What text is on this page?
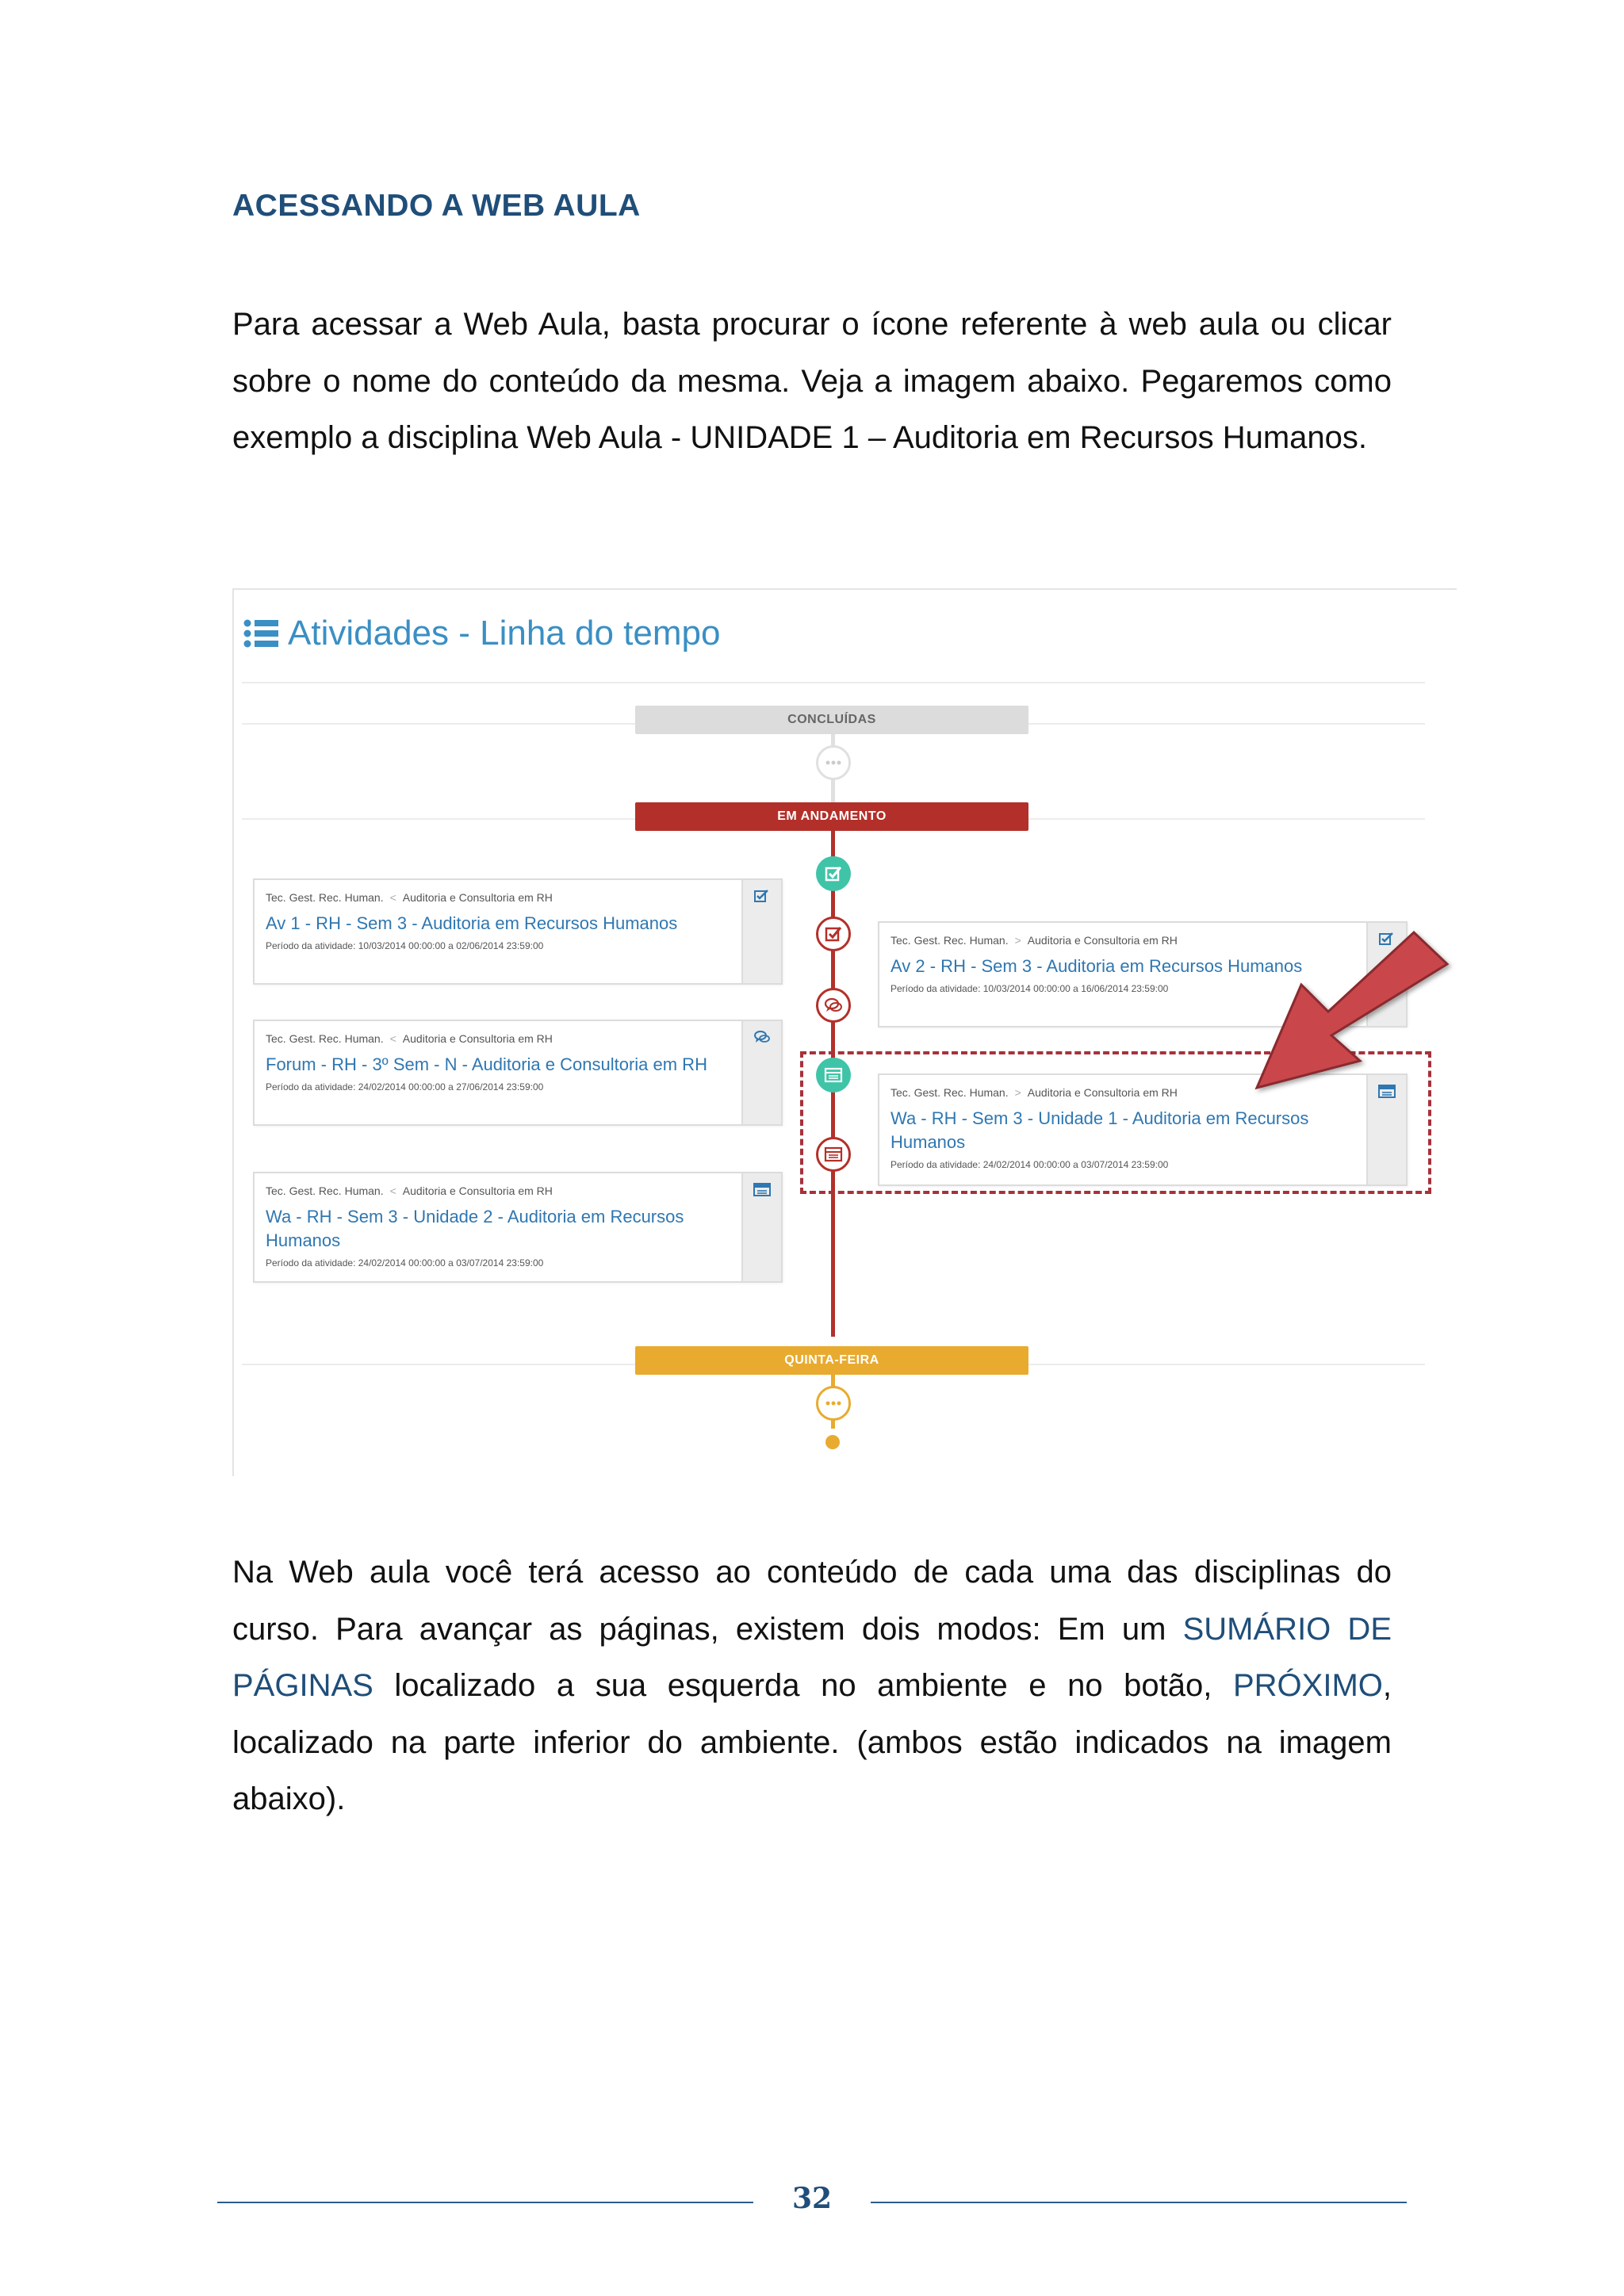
ACESSANDO A WEB AULA

Para acessar a Web Aula, basta procurar o ícone referente à web aula ou clicar sobre o nome do conteúdo da mesma. Veja a imagem abaixo. Pegaremos como exemplo a disciplina Web Aula - UNIDADE 1 – Auditoria em Recursos Humanos.

Atividades - Linha do tempo
CONCLUÍDAS
EM ANDAMENTO
QUINTA-FEIRA
Tec. Gest. Rec. Human. < Auditoria e Consultoria em RH
Av 1 - RH - Sem 3 - Auditoria em Recursos Humanos
Período da atividade: 10/03/2014 00:00:00 a 02/06/2014 23:59:00	Tec. Gest. Rec. Human. > Auditoria e Consultoria em RH
Av 2 - RH - Sem 3 - Auditoria em Recursos Humanos
Período da atividade: 10/03/2014 00:00:00 a 16/06/2014 23:59:00
Tec. Gest. Rec. Human. < Auditoria e Consultoria em RH
Forum - RH - 3º Sem - N - Auditoria e Consultoria em RH
Período da atividade: 24/02/2014 00:00:00 a 27/06/2014 23:59:00	Tec. Gest. Rec. Human. > Auditoria e Consultoria em RH
Wa - RH - Sem 3 - Unidade 1 - Auditoria em Recursos Humanos
Período da atividade: 24/02/2014 00:00:00 a 03/07/2014 23:59:00
Tec. Gest. Rec. Human. < Auditoria e Consultoria em RH
Wa - RH - Sem 3 - Unidade 2 - Auditoria em Recursos Humanos
Período da atividade: 24/02/2014 00:00:00 a 03/07/2014 23:59:00

Na Web aula você terá acesso ao conteúdo de cada uma das disciplinas do curso. Para avançar as páginas, existem dois modos: Em um SUMÁRIO DE PÁGINAS localizado a sua esquerda no ambiente e no botão, PRÓXIMO, localizado na parte inferior do ambiente. (ambos estão indicados na imagem abaixo).

32
